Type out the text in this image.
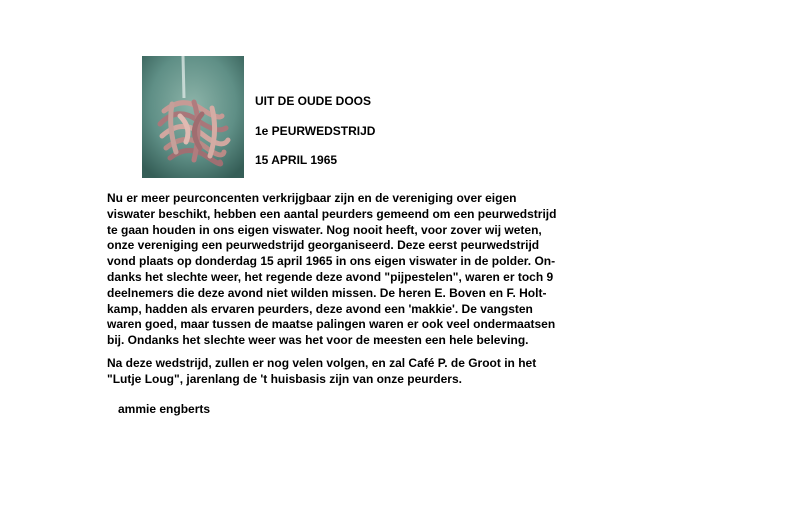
UIT DE OUDE DOOS
1e PEURWEDSTRIJD
15 APRIL 1965
Nu er meer peurconcenten verkrijgbaar zijn en de vereniging over eigen
viswater beschikt, hebben een aantal peurders gemeend om een peurwedstrijd
te gaan houden in ons eigen viswater. Nog nooit heeft, voor zover wij weten,
onze vereniging een peurwedstrijd georganiseerd. Deze eerst peurwedstrijd
vond plaats op donderdag 15 april 1965 in ons eigen viswater in de polder. On-
danks het slechte weer, het regende deze avond "pijpestelen", waren er toch 9
deelnemers die deze avond niet wilden missen. De heren E. Boven en F. Holt-
kamp, hadden als ervaren peurders, deze avond een 'makkie'. De vangsten
waren goed, maar tussen de maatse palingen waren er ook veel ondermaatsen
bij. Ondanks het slechte weer was het voor de meesten een hele beleving.
Na deze wedstrijd, zullen er nog velen volgen, en zal Café P. de Groot in het
"Lutje Loug", jarenlang de 't huisbasis zijn van onze peurders.
ammie engberts
